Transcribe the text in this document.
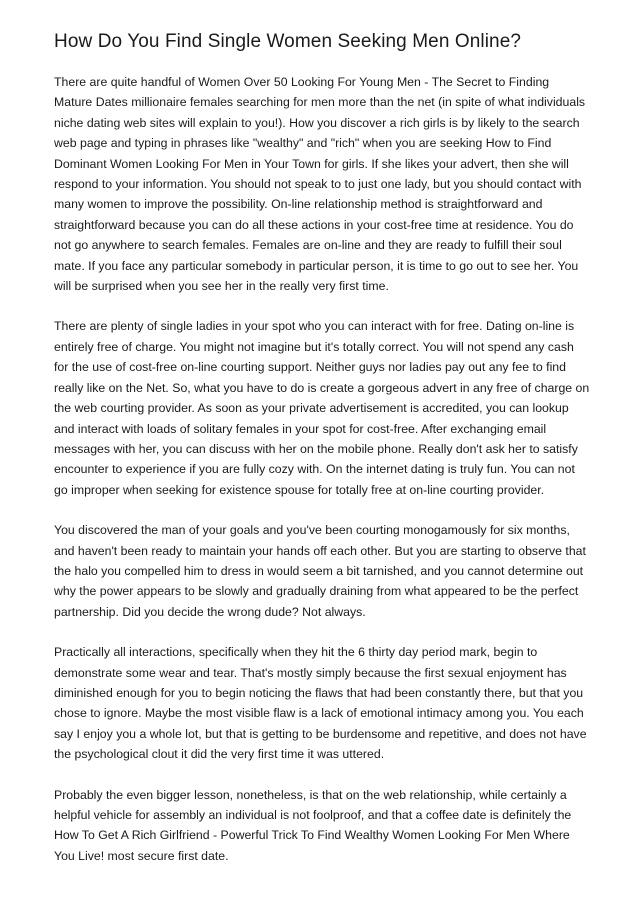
How Do You Find Single Women Seeking Men Online?

There are quite handful of Women Over 50 Looking For Young Men - The Secret to Finding Mature Dates millionaire females searching for men more than the net (in spite of what individuals niche dating web sites will explain to you!). How you discover a rich girls is by likely to the search web page and typing in phrases like "wealthy" and "rich" when you are seeking How to Find Dominant Women Looking For Men in Your Town for girls. If she likes your advert, then she will respond to your information. You should not speak to to just one lady, but you should contact with many women to improve the possibility. On-line relationship method is straightforward and straightforward because you can do all these actions in your cost-free time at residence. You do not go anywhere to search females. Females are on-line and they are ready to fulfill their soul mate. If you face any particular somebody in particular person, it is time to go out to see her. You will be surprised when you see her in the really very first time.

There are plenty of single ladies in your spot who you can interact with for free. Dating on-line is entirely free of charge. You might not imagine but it's totally correct. You will not spend any cash for the use of cost-free on-line courting support. Neither guys nor ladies pay out any fee to find really like on the Net. So, what you have to do is create a gorgeous advert in any free of charge on the web courting provider. As soon as your private advertisement is accredited, you can lookup and interact with loads of solitary females in your spot for cost-free. After exchanging email messages with her, you can discuss with her on the mobile phone. Really don't ask her to satisfy encounter to experience if you are fully cozy with. On the internet dating is truly fun. You can not go improper when seeking for existence spouse for totally free at on-line courting provider.

You discovered the man of your goals and you've been courting monogamously for six months, and haven't been ready to maintain your hands off each other. But you are starting to observe that the halo you compelled him to dress in would seem a bit tarnished, and you cannot determine out why the power appears to be slowly and gradually draining from what appeared to be the perfect partnership. Did you decide the wrong dude? Not always.

Practically all interactions, specifically when they hit the 6 thirty day period mark, begin to demonstrate some wear and tear. That's mostly simply because the first sexual enjoyment has diminished enough for you to begin noticing the flaws that had been constantly there, but that you chose to ignore. Maybe the most visible flaw is a lack of emotional intimacy among you. You each say I enjoy you a whole lot, but that is getting to be burdensome and repetitive, and does not have the psychological clout it did the very first time it was uttered.

Probably the even bigger lesson, nonetheless, is that on the web relationship, while certainly a helpful vehicle for assembly an individual is not foolproof, and that a coffee date is definitely the How To Get A Rich Girlfriend - Powerful Trick To Find Wealthy Women Looking For Men Where You Live! most secure first date.
